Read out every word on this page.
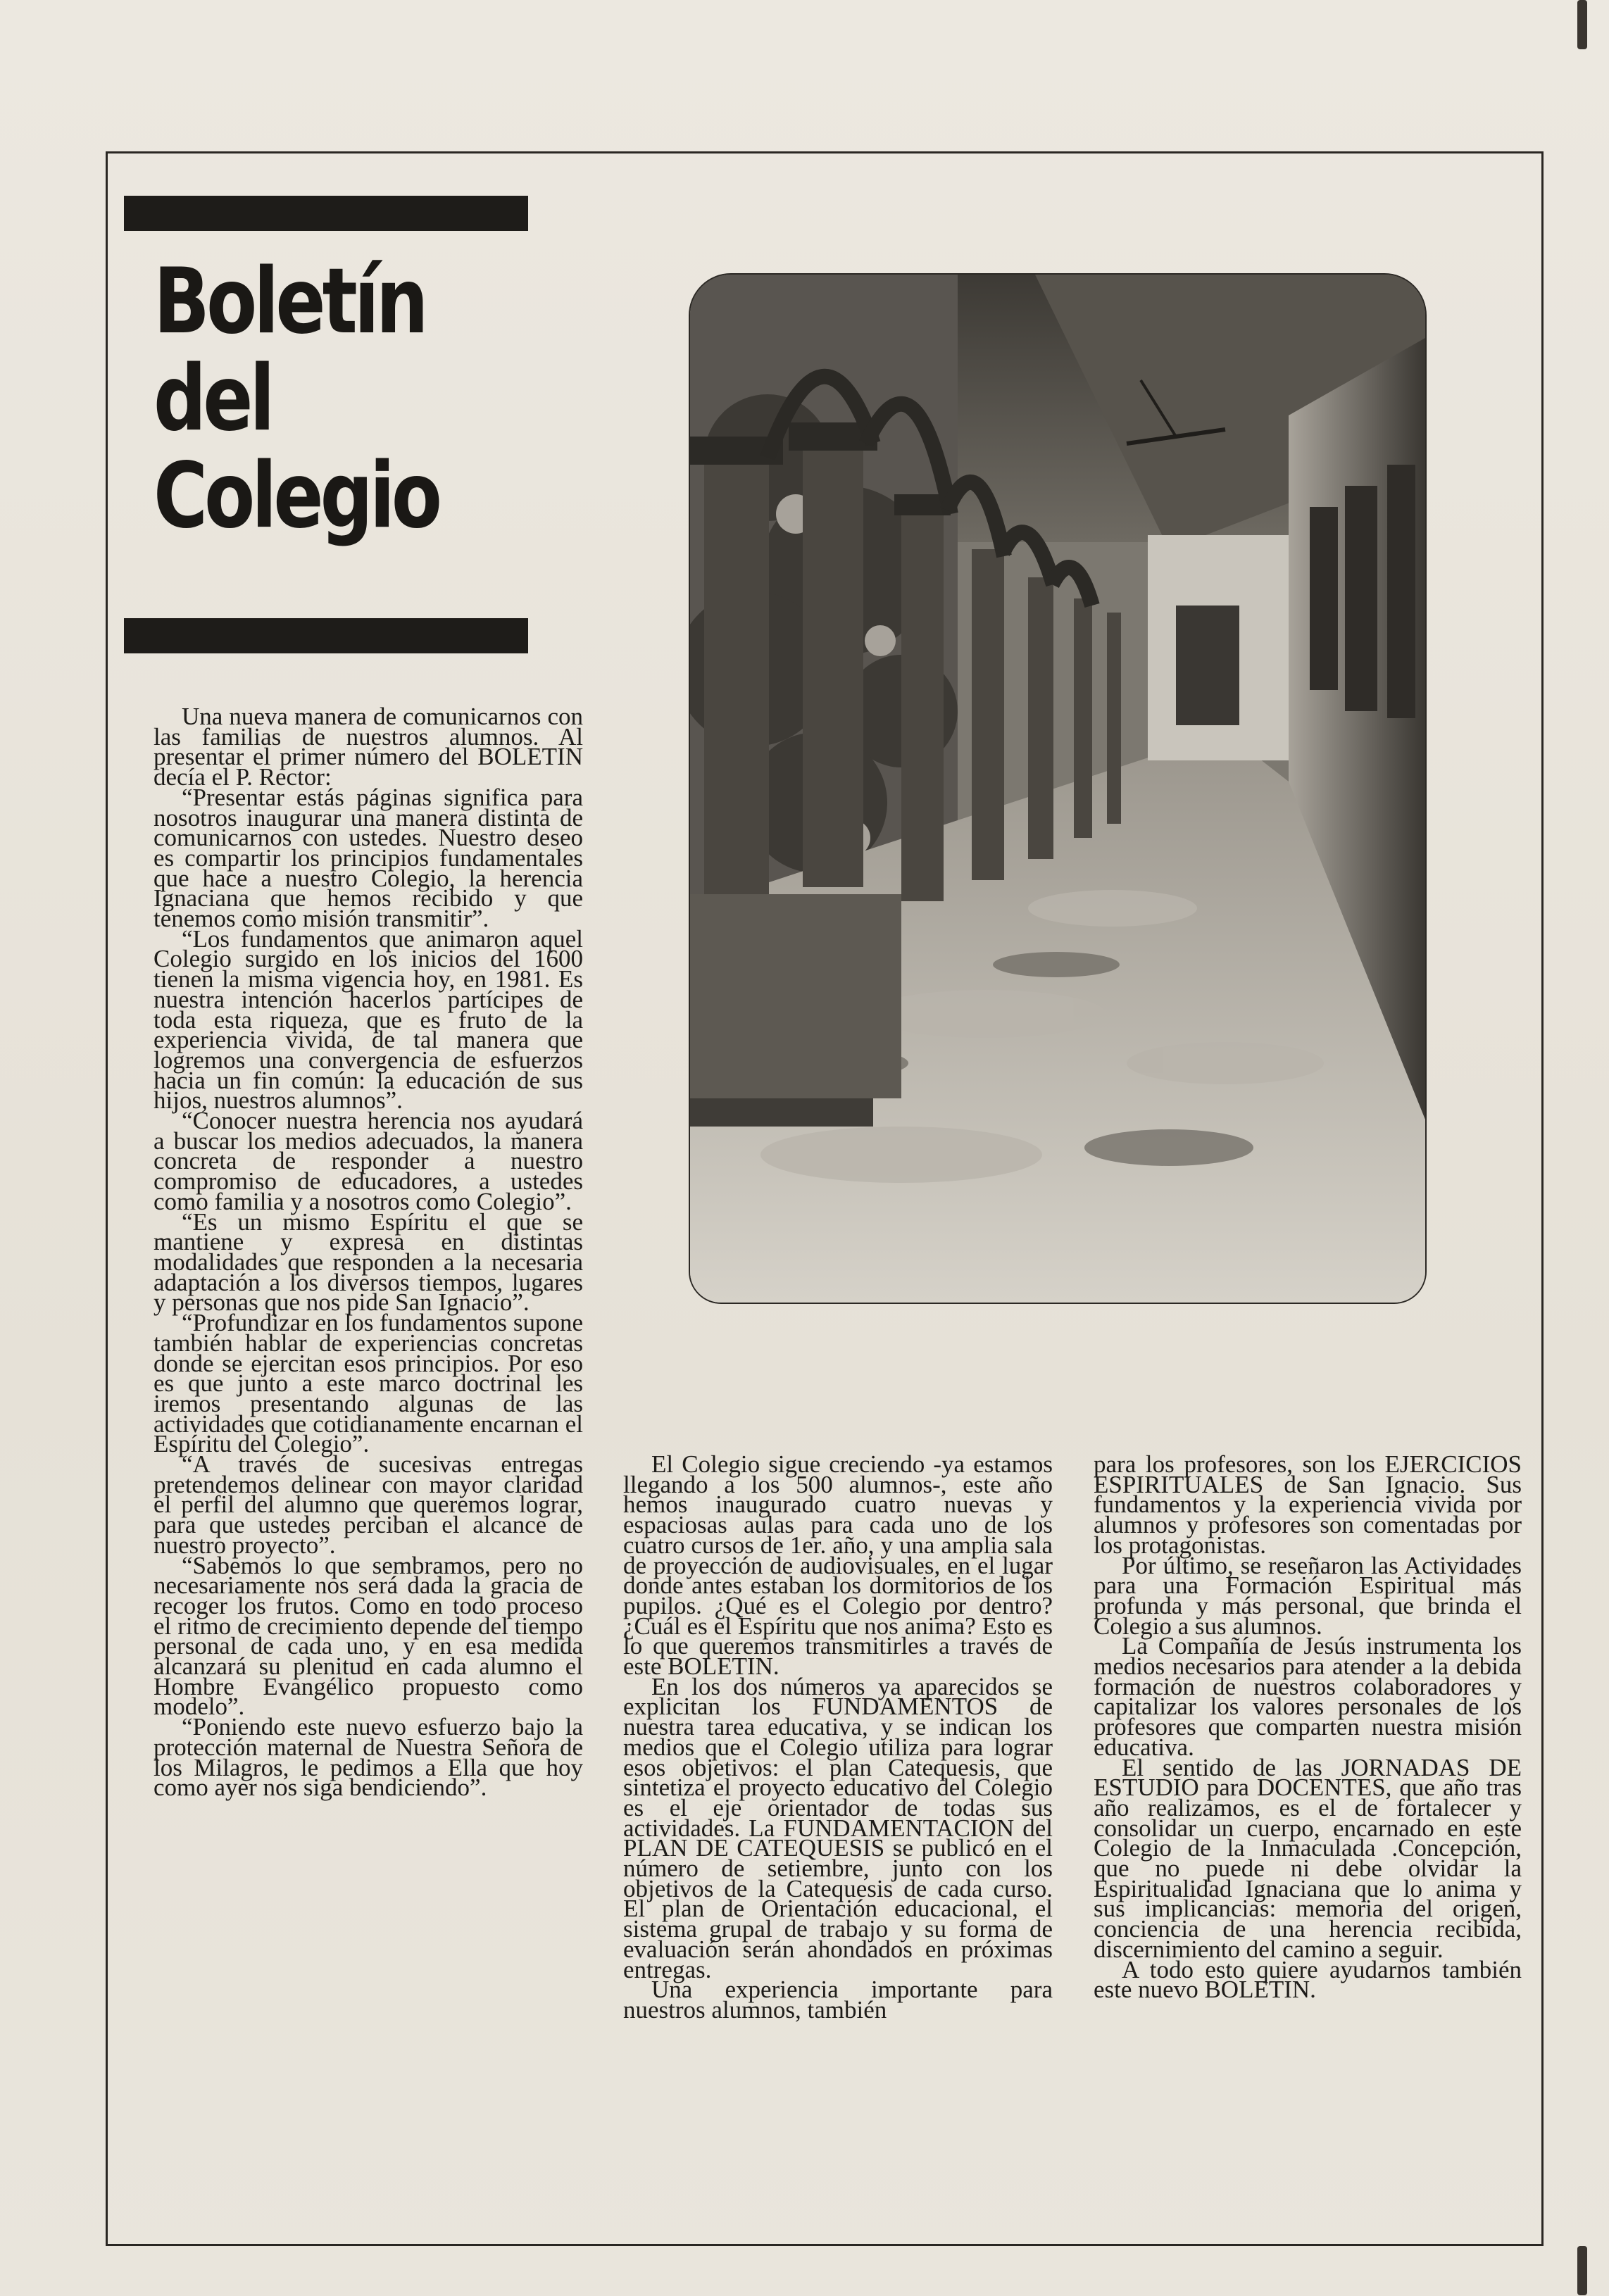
Boletín
del
Colegio

Una nueva manera de comunicarnos con las familias de nuestros alumnos. Al presentar el primer número del BOLETIN decía el P. Rector:

“Presentar estás páginas significa para nosotros inaugurar una manera distinta de comunicarnos con ustedes. Nuestro deseo es compartir los principios fundamentales que hace a nuestro Colegio, la herencia Ignaciana que hemos recibido y que tenemos como misión transmitir”.

“Los fundamentos que animaron aquel Colegio surgido en los inicios del 1600 tienen la misma vigencia hoy, en 1981. Es nuestra intención hacerlos partícipes de toda esta riqueza, que es fruto de la experiencia vivida, de tal manera que logremos una convergencia de esfuerzos hacia un fin común: la educación de sus hijos, nuestros alumnos”.

“Conocer nuestra herencia nos ayudará a buscar los medios adecuados, la manera concreta de responder a nuestro compromiso de educadores, a ustedes como familia y a nosotros como Colegio”.

“Es un mismo Espíritu el que se mantiene y expresa en distintas modalidades que responden a la necesaria adaptación a los diversos tiempos, lugares y personas que nos pide San Ignacio”.

“Profundizar en los fundamentos supone también hablar de experiencias concretas donde se ejercitan esos principios. Por eso es que junto a este marco doctrinal les iremos presentando algunas de las actividades que cotidianamente encarnan el Espíritu del Colegio”.

“A través de sucesivas entregas pretendemos delinear con mayor claridad el perfil del alumno que queremos lograr, para que ustedes perciban el alcance de nuestro proyecto”.

“Sabemos lo que sembramos, pero no necesariamente nos será dada la gracia de recoger los frutos. Como en todo proceso el ritmo de crecimiento depende del tiempo personal de cada uno, y en esa medida alcanzará su plenitud en cada alumno el Hombre Evangélico propuesto como modelo”.

“Poniendo este nuevo esfuerzo bajo la protección maternal de Nuestra Señora de los Milagros, le pedimos a Ella que hoy como ayer nos siga bendiciendo”.

El Colegio sigue creciendo -ya estamos llegando a los 500 alumnos-, este año hemos inaugurado cuatro nuevas y espaciosas aulas para cada uno de los cuatro cursos de 1er. año, y una amplia sala de proyección de audiovisuales, en el lugar donde antes estaban los dormitorios de los pupilos. ¿Qué es el Colegio por dentro? ¿Cuál es el Espíritu que nos anima? Esto es lo que queremos transmitirles a través de este BOLETIN.

En los dos números ya aparecidos se explicitan los FUNDAMENTOS de nuestra tarea educativa, y se indican los medios que el Colegio utiliza para lograr esos objetivos: el plan Catequesis, que sintetiza el proyecto educativo del Colegio es el eje orientador de todas sus actividades. La FUNDAMENTACION del PLAN DE CATEQUESIS se publicó en el número de setiembre, junto con los objetivos de la Catequesis de cada curso. El plan de Orientación educacional, el sistema grupal de trabajo y su forma de evaluación serán ahondados en próximas entregas.

Una experiencia importante para nuestros alumnos, también

para los profesores, son los EJERCICIOS ESPIRITUALES de San Ignacio. Sus fundamentos y la experiencia vivida por alumnos y profesores son comentadas por los protagonistas.

Por último, se reseñaron las Actividades para una Formación Espiritual más profunda y más personal, que brinda el Colegio a sus alumnos.

La Compañía de Jesús instrumenta los medios necesarios para atender a la debida formación de nuestros colaboradores y capitalizar los valores personales de los profesores que comparten nuestra misión educativa.

El sentido de las JORNADAS DE ESTUDIO para DOCENTES, que año tras año realizamos, es el de fortalecer y consolidar un cuerpo, encarnado en este Colegio de la Inmaculada .Concepción, que no puede ni debe olvidar la Espiritualidad Ignaciana que lo anima y sus implicancias: memoria del origen, conciencia de una herencia recibida, discernimiento del camino a seguir.

A todo esto quiere ayudarnos también este nuevo BOLETIN.
